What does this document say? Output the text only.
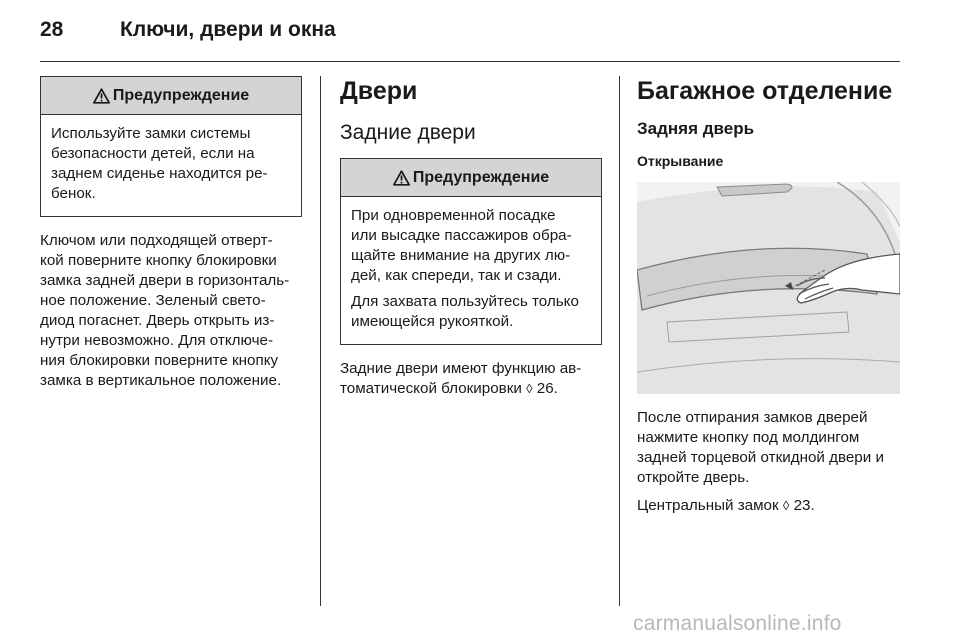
28	Ключи, двери и окна
Предупреждение

Используйте замки системы
безопасности детей, если на
заднем сиденье находится ре-
бенок.

Ключом или подходящей отверт-
кой поверните кнопку блокировки
замка задней двери в горизонталь-
ное положение. Зеленый свето-
диод погаснет. Дверь открыть из-
нутри невозможно. Для отключе-
ния блокировки поверните кнопку
замка в вертикальное положение.

Двери
Задние двери
Предупреждение

При одновременной посадке
или высадке пассажиров обра-
щайте внимание на других лю-
дей, как спереди, так и сзади.

Для захвата пользуйтесь только
имеющейся рукояткой.

Задние двери имеют функцию ав-
томатической блокировки ◊ 26.

Багажное отделение
Задняя дверь
Открывание

После отпирания замков дверей
нажмите кнопку под молдингом
задней торцевой откидной двери и
откройте дверь.

Центральный замок ◊ 23.

carmanualsonline.info
